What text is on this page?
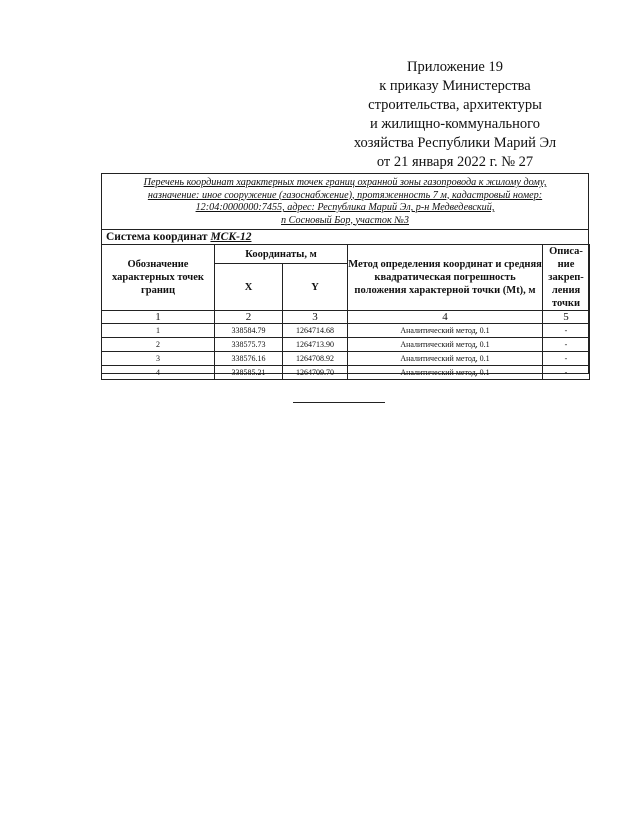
Приложение 19
к приказу Министерства
строительства, архитектуры
и жилищно-коммунального
хозяйства Республики Марий Эл
от 21 января 2022 г. № 27
Перечень координат характерных точек границ охранной зоны газопровода к жилому дому,
назначение: иное сооружение (газоснабжение), протяженность 7 м, кадастровый номер:
12:04:0000000:7455, адрес: Республика Марий Эл, р-н Медведевский,
п Сосновый Бор, участок №3
Система координат МСК-12
Обозначение характерных точек границ	Координаты, м		Метод определения координат и средняя квадратическая погрешность положения характерной точки (Mt), м	Описа-ние закреп-ления точки
	X	Y		
1	2	3	4	5
1	338584.79	1264714.68	Аналитический метод, 0.1	-
2	338575.73	1264713.90	Аналитический метод, 0.1	-
3	338576.16	1264708.92	Аналитический метод, 0.1	-
4	338585.21	1264709.70	Аналитический метод, 0.1	-
